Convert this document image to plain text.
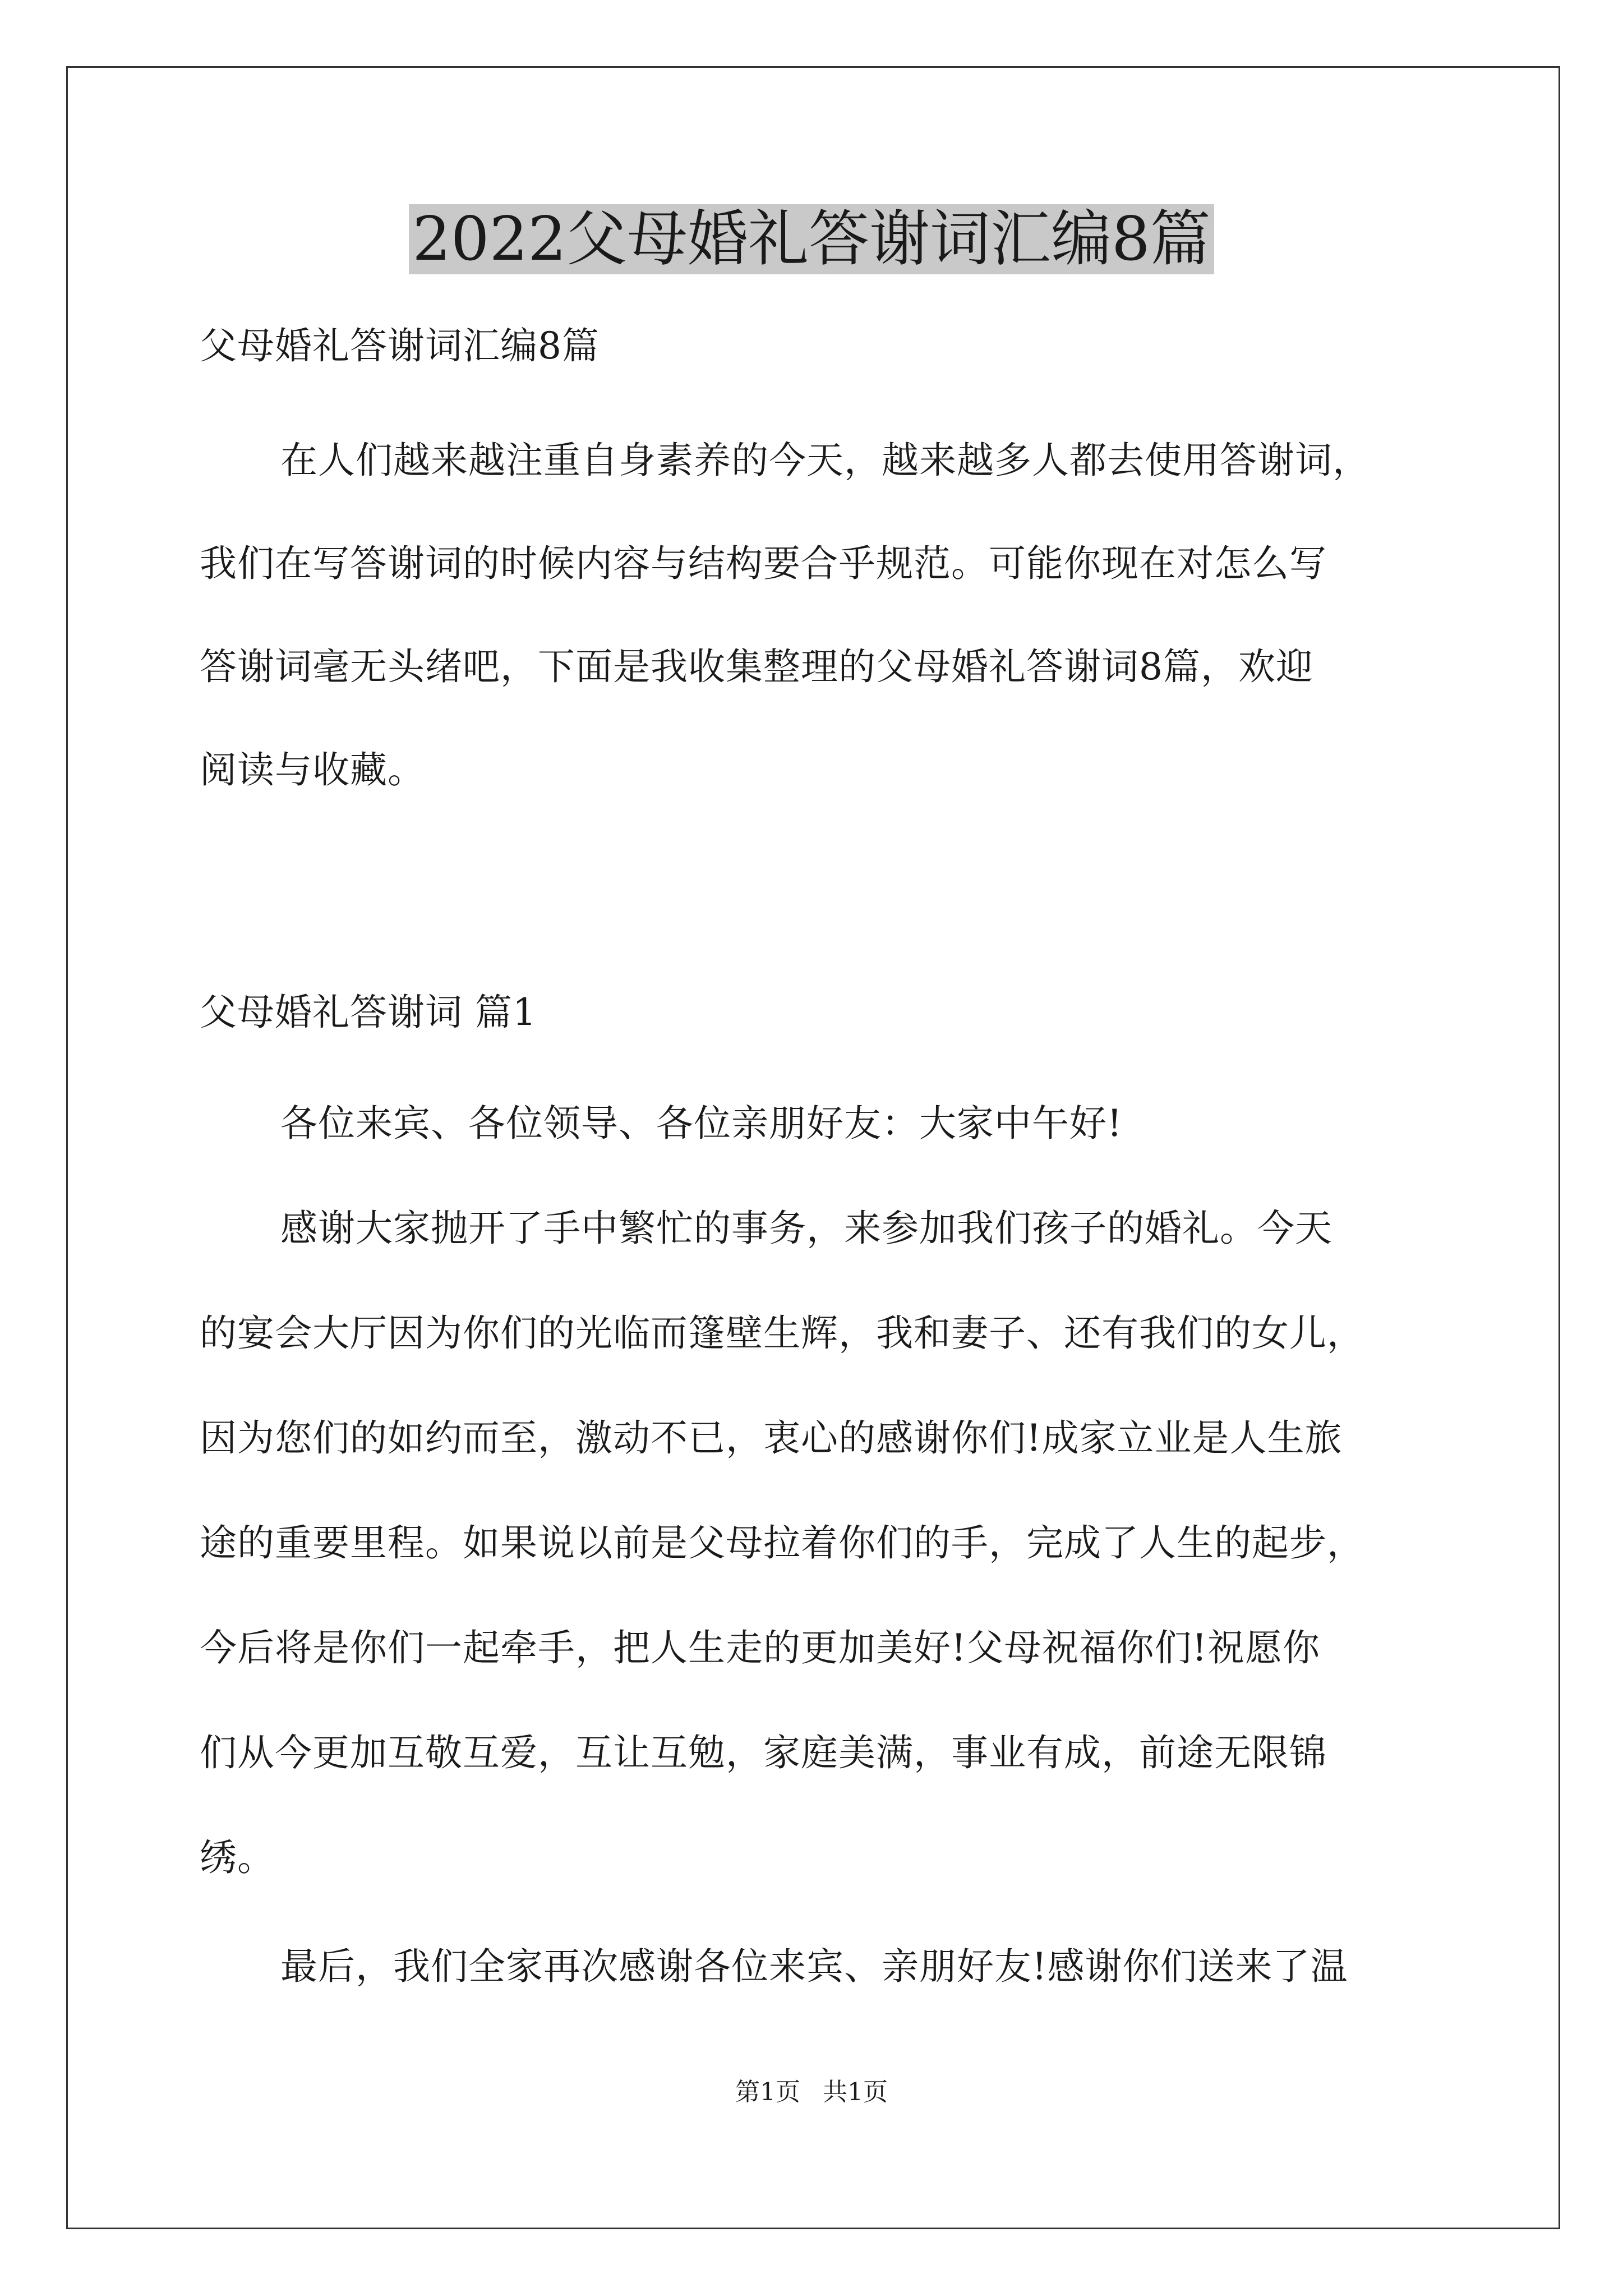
2022父母婚礼答谢词汇编8篇

父母婚礼答谢词汇编8篇

在人们越来越注重自身素养的今天，越来越多人都去使用答谢词，

我们在写答谢词的时候内容与结构要合乎规范。可能你现在对怎么写

答谢词毫无头绪吧，下面是我收集整理的父母婚礼答谢词8篇，欢迎

阅读与收藏。

父母婚礼答谢词 篇1

各位来宾、各位领导、各位亲朋好友：大家中午好!

感谢大家抛开了手中繁忙的事务，来参加我们孩子的婚礼。今天

的宴会大厅因为你们的光临而篷壁生辉，我和妻子、还有我们的女儿，

因为您们的如约而至，激动不已，衷心的感谢你们!成家立业是人生旅

途的重要里程。如果说以前是父母拉着你们的手，完成了人生的起步，

今后将是你们一起牵手，把人生走的更加美好!父母祝福你们!祝愿你

们从今更加互敬互爱，互让互勉，家庭美满，事业有成，前途无限锦

绣。

最后，我们全家再次感谢各位来宾、亲朋好友!感谢你们送来了温

第1页 共1页
